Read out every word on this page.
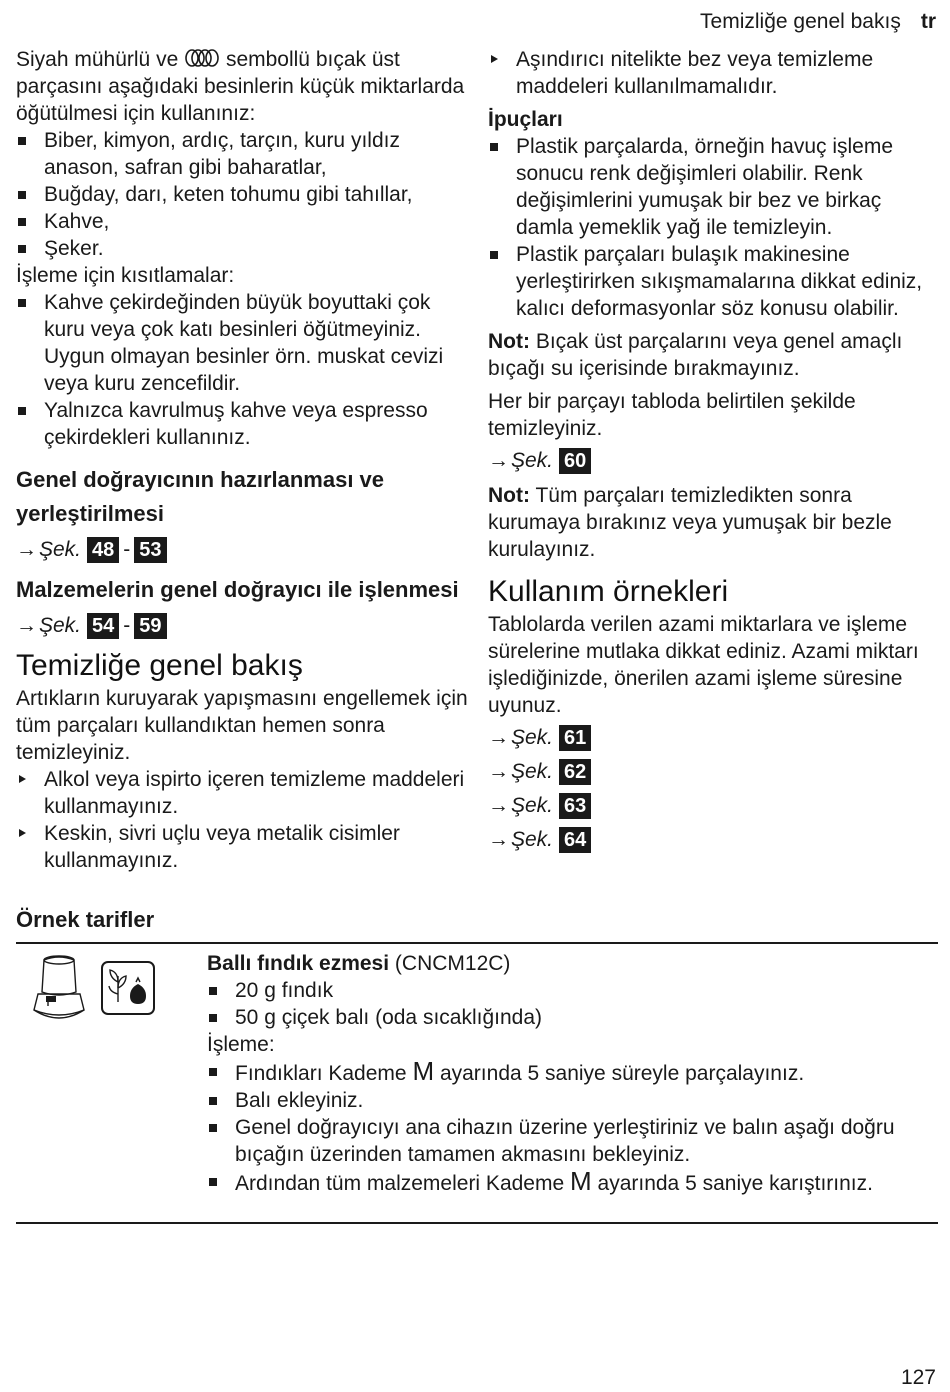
Temizliğe genel bakış tr

Siyah mühürlü ve sembollü bıçak üst parçasını aşağıdaki besinlerin küçük miktarlarda öğütülmesi için kullanınız:

Biber, kimyon, ardıç, tarçın, kuru yıldız anason, safran gibi baharatlar,
Buğday, darı, keten tohumu gibi tahıllar,
Kahve,
Şeker.

İşleme için kısıtlamalar:

Kahve çekirdeğinden büyük boyuttaki çok kuru veya çok katı besinleri öğütmeyiniz. Uygun olmayan besinler örn. muskat cevizi veya kuru zencefildir.
Yalnızca kavrulmuş kahve veya espresso çekirdekleri kullanınız.
Genel doğrayıcının hazırlanması ve yerleştirilmesi
→Şek. 48 - 53
Malzemelerin genel doğrayıcı ile işlenmesi
→Şek. 54 - 59
Temizliğe genel bakış

Artıkların kuruyarak yapışmasını engellemek için tüm parçaları kullandıktan hemen sonra temizleyiniz.

Alkol veya ispirto içeren temizleme maddeleri kullanmayınız.
Keskin, sivri uçlu veya metalik cisimler kullanmayınız.
Aşındırıcı nitelikte bez veya temizleme maddeleri kullanılmamalıdır.

İpuçları

Plastik parçalarda, örneğin havuç işleme sonucu renk değişimleri olabilir. Renk değişimlerini yumuşak bir bez ve birkaç damla yemeklik yağ ile temizleyin.
Plastik parçaları bulaşık makinesine yerleştirirken sıkışmamalarına dikkat ediniz, kalıcı deformasyonlar söz konusu olabilir.

Not: Bıçak üst parçalarını veya genel amaçlı bıçağı su içerisinde bırakmayınız.

Her bir parçayı tabloda belirtilen şekilde temizleyiniz.

→Şek. 60

Not: Tüm parçaları temizledikten sonra kurumaya bırakınız veya yumuşak bir bezle kurulayınız.

Kullanım örnekleri

Tablolarda verilen azami miktarlara ve işleme sürelerine mutlaka dikkat ediniz. Azami miktarı işlediğinizde, önerilen azami işleme süresine uyunuz.

→Şek. 61
→Şek. 62
→Şek. 63
→Şek. 64
Örnek tarifler

Ballı fındık ezmesi (CNCM12C)

20 g fındık
50 g çiçek balı (oda sıcaklığında)

İşleme:

Fındıkları Kademe M ayarında 5 saniye süreyle parçalayınız.
Balı ekleyiniz.
Genel doğrayıcıyı ana cihazın üzerine yerleştiriniz ve balın aşağı doğru bıçağın üzerinden tamamen akmasını bekleyiniz.
Ardından tüm malzemeleri Kademe M ayarında 5 saniye karıştırınız.
127
